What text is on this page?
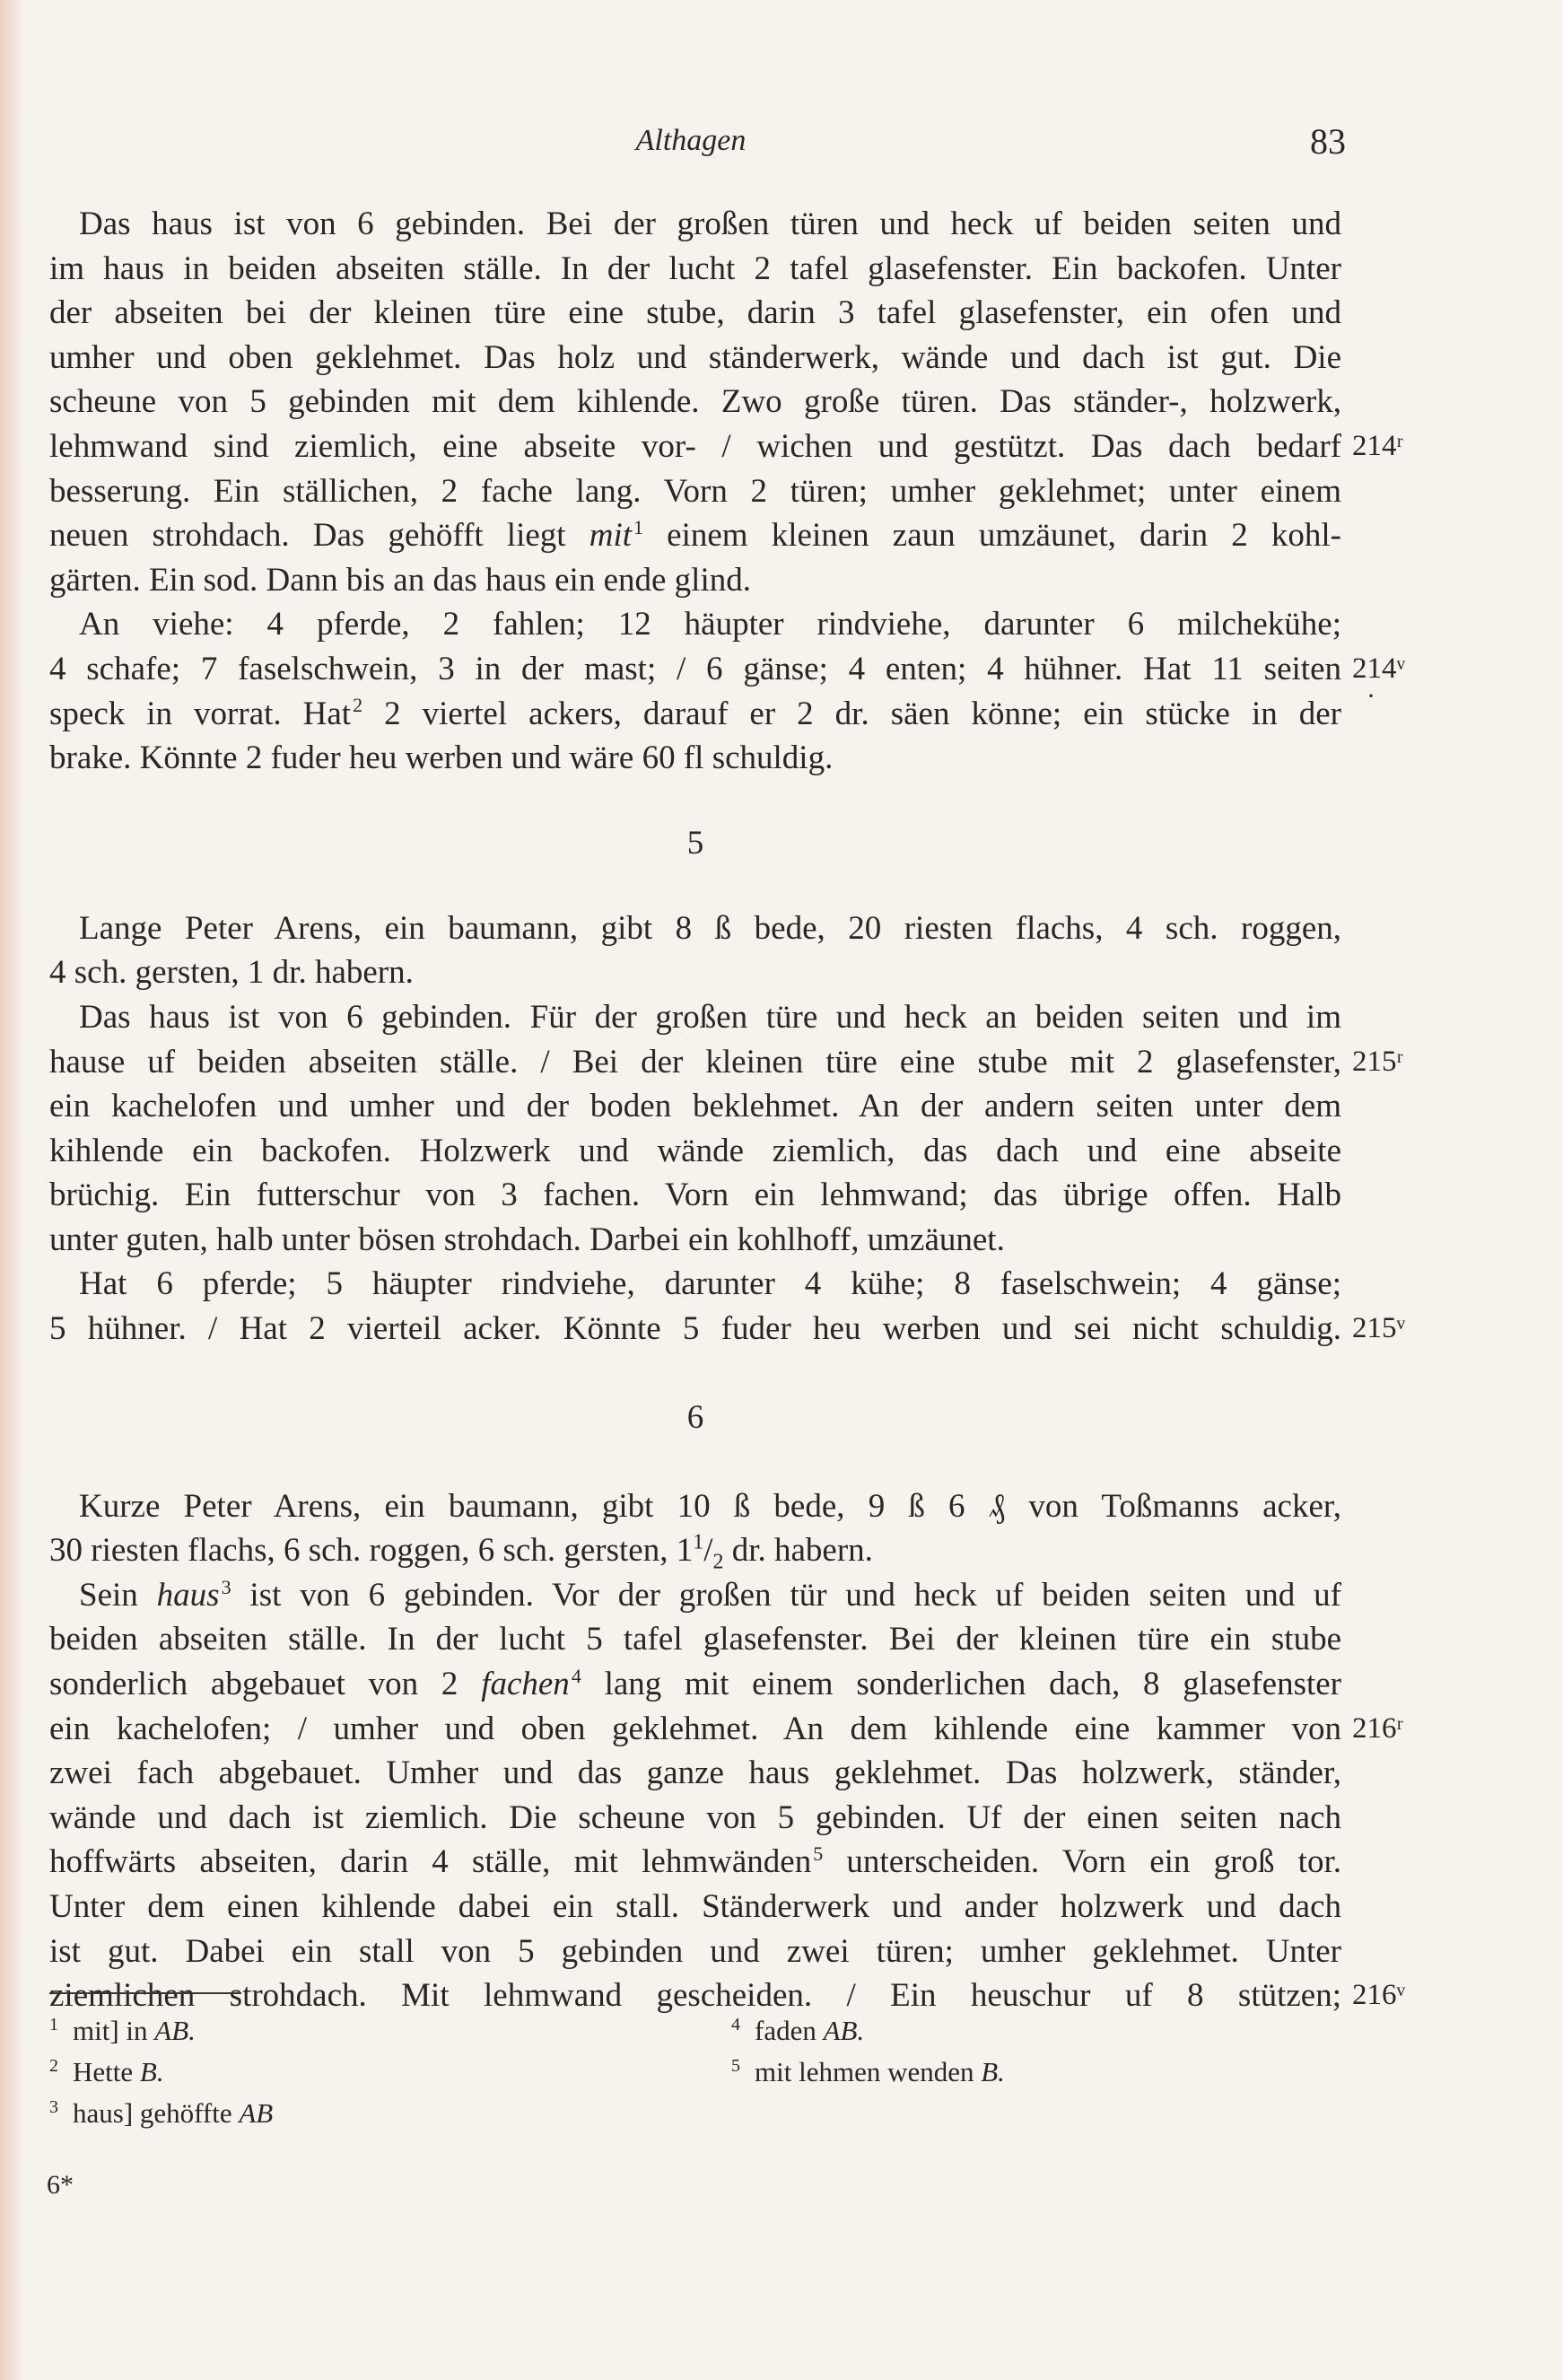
Althagen	83
Das haus ist von 6 gebinden. Bei der großen türen und heck uf beiden seiten und
im haus in beiden abseiten ställe. In der lucht 2 tafel glasefenster. Ein backofen. Unter
der abseiten bei der kleinen türe eine stube, darin 3 tafel glasefenster, ein ofen und
umher und oben geklehmet. Das holz und ständerwerk, wände und dach ist gut. Die
scheune von 5 gebinden mit dem kihlende. Zwo große türen. Das ständer-, holzwerk,
lehmwand sind ziemlich, eine abseite vor- / wichen und gestützt. Das dach bedarf 214ʳ
besserung. Ein ställichen, 2 fache lang. Vorn 2 türen; umher geklehmet; unter einem
neuen strohdach. Das gehöfft liegt mit$^1$ einem kleinen zaun umzäunet, darin 2 kohl-
gärten. Ein sod. Dann bis an das haus ein ende glind.
An viehe: 4 pferde, 2 fahlen; 12 häupter rindviehe, darunter 6 milchekühe;
4 schafe; 7 faselschwein, 3 in der mast; / 6 gänse; 4 enten; 4 hühner. Hat 11 seiten 214ᵛ
·
speck in vorrat. Hat$^2$ 2 viertel ackers, darauf er 2 dr. säen könne; ein stücke in der
brake. Könnte 2 fuder heu werben und wäre 60 fl schuldig.
5
Lange Peter Arens, ein baumann, gibt 8 ß bede, 20 riesten flachs, 4 sch. roggen,
4 sch. gersten, 1 dr. habern.
Das haus ist von 6 gebinden. Für der großen türe und heck an beiden seiten und im
hause uf beiden abseiten ställe. / Bei der kleinen türe eine stube mit 2 glasefenster, 215ʳ
ein kachelofen und umher und der boden beklehmet. An der andern seiten unter dem
kihlende ein backofen. Holzwerk und wände ziemlich, das dach und eine abseite
brüchig. Ein futterschur von 3 fachen. Vorn ein lehmwand; das übrige offen. Halb
unter guten, halb unter bösen strohdach. Darbei ein kohlhoff, umzäunet.
Hat 6 pferde; 5 häupter rindviehe, darunter 4 kühe; 8 faselschwein; 4 gänse;
5 hühner. / Hat 2 vierteil acker. Könnte 5 fuder heu werben und sei nicht schuldig. 215ᵛ
6
Kurze Peter Arens, ein baumann, gibt 10 ß bede, 9 ß 6 ₰ von Toßmanns acker,
30 riesten flachs, 6 sch. roggen, 6 sch. gersten, $1^1/_2$ dr. habern.
Sein haus$^3$ ist von 6 gebinden. Vor der großen tür und heck uf beiden seiten und uf
beiden abseiten ställe. In der lucht 5 tafel glasefenster. Bei der kleinen türe ein stube
sonderlich abgebauet von 2 fachen$^4$ lang mit einem sonderlichen dach, 8 glasefenster
ein kachelofen; / umher und oben geklehmet. An dem kihlende eine kammer von 216ʳ
zwei fach abgebauet. Umher und das ganze haus geklehmet. Das holzwerk, ständer,
wände und dach ist ziemlich. Die scheune von 5 gebinden. Uf der einen seiten nach
hoffwärts abseiten, darin 4 ställe, mit lehmwänden$^5$ unterscheiden. Vorn ein groß tor.
Unter dem einen kihlende dabei ein stall. Ständerwerk und ander holzwerk und dach
ist gut. Dabei ein stall von 5 gebinden und zwei türen; umher geklehmet. Unter
ziemlichen strohdach. Mit lehmwand gescheiden. / Ein heuschur uf 8 stützen; 216ᵛ
$^1$ mit] in AB.
$^2$ Hette B.
$^3$ haus] gehöffte AB
$^4$ faden AB.
$^5$ mit lehmen wenden B.
6*
